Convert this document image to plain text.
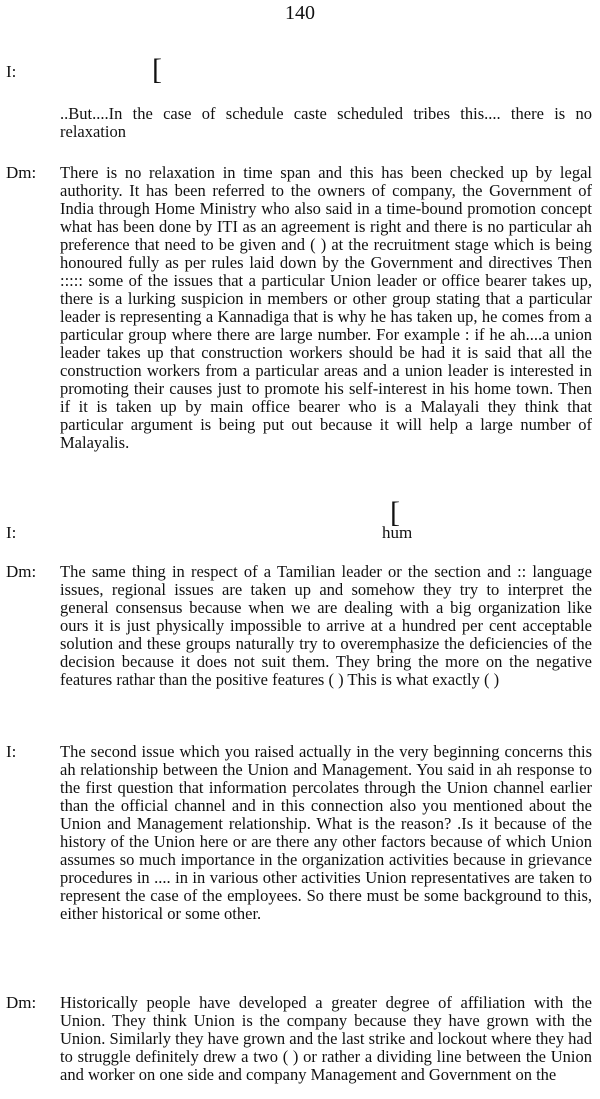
140
I:	[
..But....In the case of schedule caste scheduled tribes this.... there is no relaxation
Dm: There is no relaxation in time span and this has been checked up by legal authority. It has been referred to the owners of company, the Government of India through Home Ministry who also said in a time-bound promotion concept what has been done by ITI as an agreement is right and there is no particular ah preference that need to be given and ( ) at the recruitment stage which is being honoured fully as per rules laid down by the Government and directives Then ::::: some of the issues that a particular Union leader or office bearer takes up, there is a lurking suspicion in members or other group stating that a particular leader is representing a Kannadiga that is why he has taken up, he comes from a particular group where there are large number. For example : if he ah....a union leader takes up that construction workers should be had it is said that all the construction workers from a particular areas and a union leader is interested in promoting their causes just to promote his self-interest in his home town. Then if it is taken up by main office bearer who is a Malayali they think that particular argument is being put out because it will help a large number of Malayalis.
I:
[
hum
Dm: The same thing in respect of a Tamilian leader or the section and :: language issues, regional issues are taken up and somehow they try to interpret the general consensus because when we are dealing with a big organization like ours it is just physically impossible to arrive at a hundred per cent acceptable solution and these groups naturally try to overemphasize the deficiencies of the decision because it does not suit them. They bring the more on the negative features rathar than the positive features ( ) This is what exactly ( )
I:	The second issue which you raised actually in the very beginning concerns this ah relationship between the Union and Management. You said in ah response to the first question that information percolates through the Union channel earlier than the official channel and in this connection also you mentioned about the Union and Management relationship. What is the reason? .Is it because of the history of the Union here or are there any other factors because of which Union assumes so much importance in the organization activities because in grievance procedures in .... in in various other activities Union representatives are taken to represent the case of the employees. So there must be some background to this, either historical or some other.
Dm: Historically people have developed a greater degree of affiliation with the Union. They think Union is the company because they have grown with the Union. Similarly they have grown and the last strike and lockout where they had to struggle definitely drew a two ( ) or rather a dividing line between the Union and worker on one side and company Management and Government on the
